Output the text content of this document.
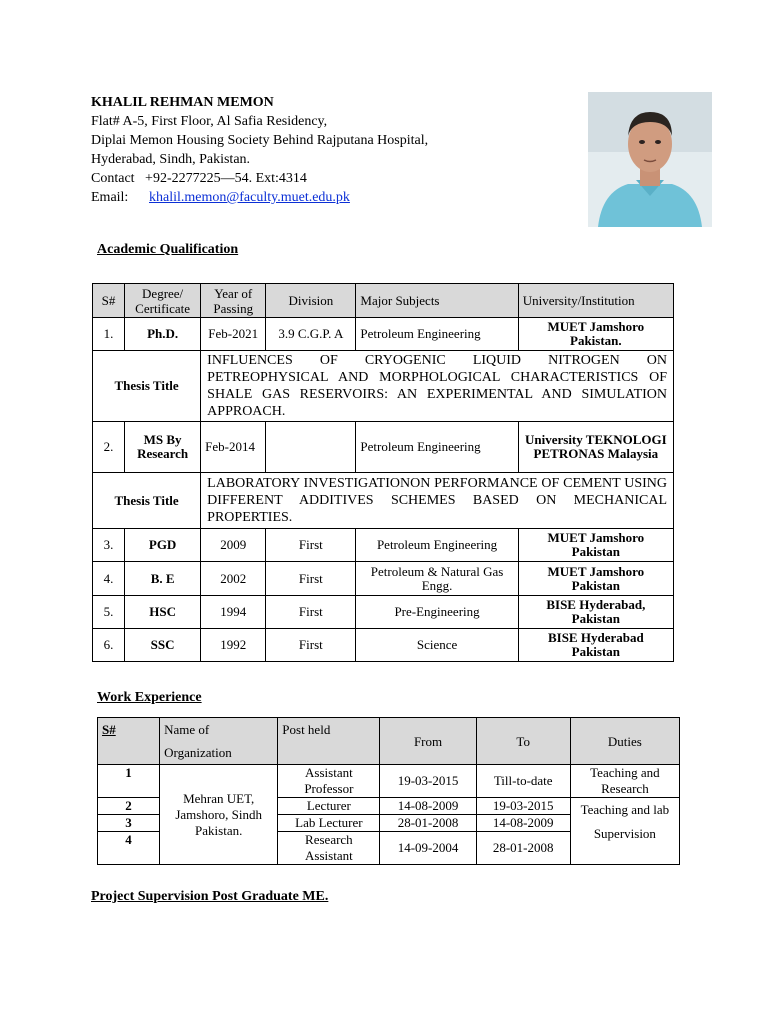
KHALIL REHMAN MEMON
Flat# A-5, First Floor, Al Safia Residency,
Diplai Memon Housing Society Behind Rajputana Hospital,
Hyderabad, Sindh, Pakistan.
Contact   +92-2277225—54. Ext:4314
Email: khalil.memon@faculty.muet.edu.pk
Academic Qualification
S#	Degree/ Certificate	Year of Passing	Division	Major Subjects	University/Institution
1.	Ph.D.	Feb-2021	3.9 C.G.P. A	Petroleum Engineering	MUET Jamshoro Pakistan.
Thesis Title		INFLUENCES OF CRYOGENIC LIQUID NITROGEN ON PETREOPHYSICAL AND MORPHOLOGICAL CHARACTERISTICS OF SHALE GAS RESERVOIRS: AN EXPERIMENTAL AND SIMULATION APPROACH.			
2.	MS By Research	Feb-2014		Petroleum Engineering	University TEKNOLOGI PETRONAS Malaysia
Thesis Title		LABORATORY INVESTIGATIONON PERFORMANCE OF CEMENT USING DIFFERENT ADDITIVES SCHEMES BASED ON MECHANICAL PROPERTIES.			
3.	PGD	2009	First	Petroleum Engineering	MUET Jamshoro Pakistan
4.	B. E	2002	First	Petroleum & Natural Gas Engg.	MUET Jamshoro Pakistan
5.	HSC	1994	First	Pre-Engineering	BISE Hyderabad, Pakistan
6.	SSC	1992	First	Science	BISE Hyderabad Pakistan
Work Experience
S#	Name of Organization	Post held	From	To	Duties
1	Mehran UET, Jamshoro, Sindh Pakistan.	Assistant Professor	19-03-2015	Till-to-date	Teaching and Research
2		Lecturer	14-08-2009	19-03-2015	Teaching and lab Supervision
3		Lab Lecturer	28-01-2008	14-08-2009	
4		Research Assistant	14-09-2004	28-01-2008	
Project Supervision Post Graduate ME.
